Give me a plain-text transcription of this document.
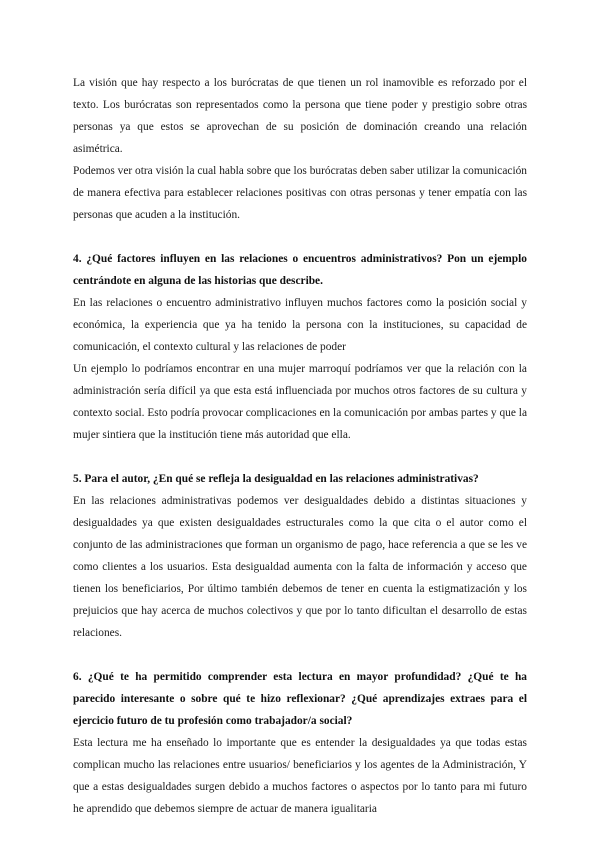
La visión que hay respecto a los burócratas de que tienen un rol inamovible es reforzado por el texto. Los burócratas son representados como la persona que tiene poder y prestigio sobre otras personas ya que estos se aprovechan de su posición de dominación creando una relación asimétrica.

Podemos ver otra visión la cual habla sobre que los burócratas deben saber utilizar la comunicación de manera efectiva para establecer relaciones positivas con otras personas y tener empatía con las personas que acuden a la institución.

4. ¿Qué factores influyen en las relaciones o encuentros administrativos? Pon un ejemplo centrándote en alguna de las historias que describe.

En las relaciones o encuentro administrativo influyen muchos factores como la posición social y económica, la experiencia que ya ha tenido la persona con la instituciones, su capacidad de comunicación, el contexto cultural y las relaciones de poder

Un ejemplo lo podríamos encontrar en una mujer marroquí podríamos ver que la relación con la administración sería difícil ya que esta está influenciada por muchos otros factores de su cultura y contexto social. Esto podría provocar complicaciones en la comunicación por ambas partes y que la mujer sintiera que la institución tiene más autoridad que ella.

5. Para el autor, ¿En qué se refleja la desigualdad en las relaciones administrativas?

En las relaciones administrativas podemos ver desigualdades debido a distintas situaciones y desigualdades ya que existen desigualdades estructurales como la que cita o el autor como el conjunto de las administraciones que forman un organismo de pago, hace referencia a que se les ve como clientes a los usuarios. Esta desigualdad aumenta con la falta de información y acceso que tienen los beneficiarios, Por último también debemos de tener en cuenta la estigmatización y los prejuicios que hay acerca de muchos colectivos y que por lo tanto dificultan el desarrollo de estas relaciones.

6. ¿Qué te ha permitido comprender esta lectura en mayor profundidad? ¿Qué te ha parecido interesante o sobre qué te hizo reflexionar? ¿Qué aprendizajes extraes para el ejercicio futuro de tu profesión como trabajador/a social?

Esta lectura me ha enseñado lo importante que es entender la desigualdades ya que todas estas complican mucho las relaciones entre usuarios/ beneficiarios y los agentes de la Administración, Y que a estas desigualdades surgen debido a muchos factores o aspectos por lo tanto para mi futuro he aprendido que debemos siempre de actuar de manera igualitaria
